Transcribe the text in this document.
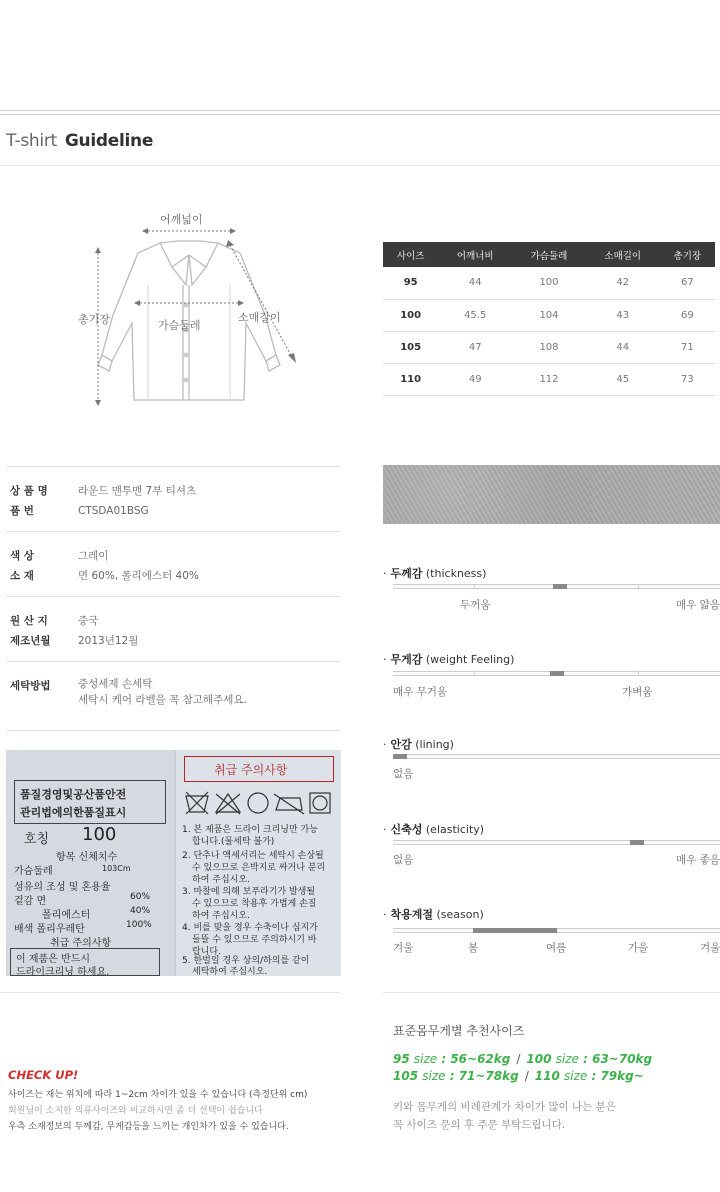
T-shirt Guideline
어깨넓이
총기장	가슴둘레
소매길이
사이즈	어깨너비	가슴둘레	소매길이	총기장
95	44	100	42	67
100	45.5	104	43	69
105	47	108	44	71
110	49	112	45	73
상 품 명	라운드 맨투맨 7부 티셔츠
품 번	CTSDA01BSG
색 상	그레이
소 재	면 60%, 폴리에스터 40%
원 산 지	중국
제조년월	2013년12월
세탁방법	중성세제 손세탁
세탁시 케어 라벨을 꼭 참고해주세요.
품질경영및공산품안전
관리법에의한품질표시
호칭 100
항목 신체치수
가슴둘레	103Cm
섬유의 조성 및 혼용율
겉감 면	60%
폴리에스터	40%
배색 폴리우레탄	100%
취급 주의사항
이 제품은 반드시
드라이크리닝 하세요.
취급 주의사항
1. 본 제품은 드라이 크리닝만 가능
합니다.(물세탁 불가)
2. 단추나 액세서리는 세탁시 손상될
수 있으므로 은박지로 싸거나 분리
하여 주십시오.
3. 마찰에 의해 보푸라기가 발생될
수 있으므로 착용후 가볍게 손질
하여 주십시오.
4. 비를 맞을 경우 수축이나 심지가
들뜰 수 있으므로 주의하시기 바
랍니다.
5. 한벌일 경우 상의/하의를 같이
세탁하여 주십시오.
· 두께감 (thickness)
두꺼움	매우 얇음
· 무게감 (weight Feeling)
매우 무거움	가벼움
· 안감 (lining)
없음
· 신축성 (elasticity)
없음	매우 좋음
· 착용계절 (season)
겨울	봄	여름	가을	겨울
표준몸무게별 추천사이즈
95 size : 56~62kg / 100 size : 63~70kg
105 size : 71~78kg / 110 size : 79kg~
키와 몸무게의 비례관계가 차이가 많이 나는 분은
꼭 사이즈 문의 후 주문 부탁드립니다.
CHECK UP!
사이즈는 재는 위치에 따라 1~2cm 차이가 있을 수 있습니다 (측정단위 cm)
회원님이 소지한 의류사이즈와 비교하시면 좀 더 선택이 쉽습니다
우측 소재정보의 두께감, 무게감등을 느끼는 개인차가 있을 수 있습니다.
